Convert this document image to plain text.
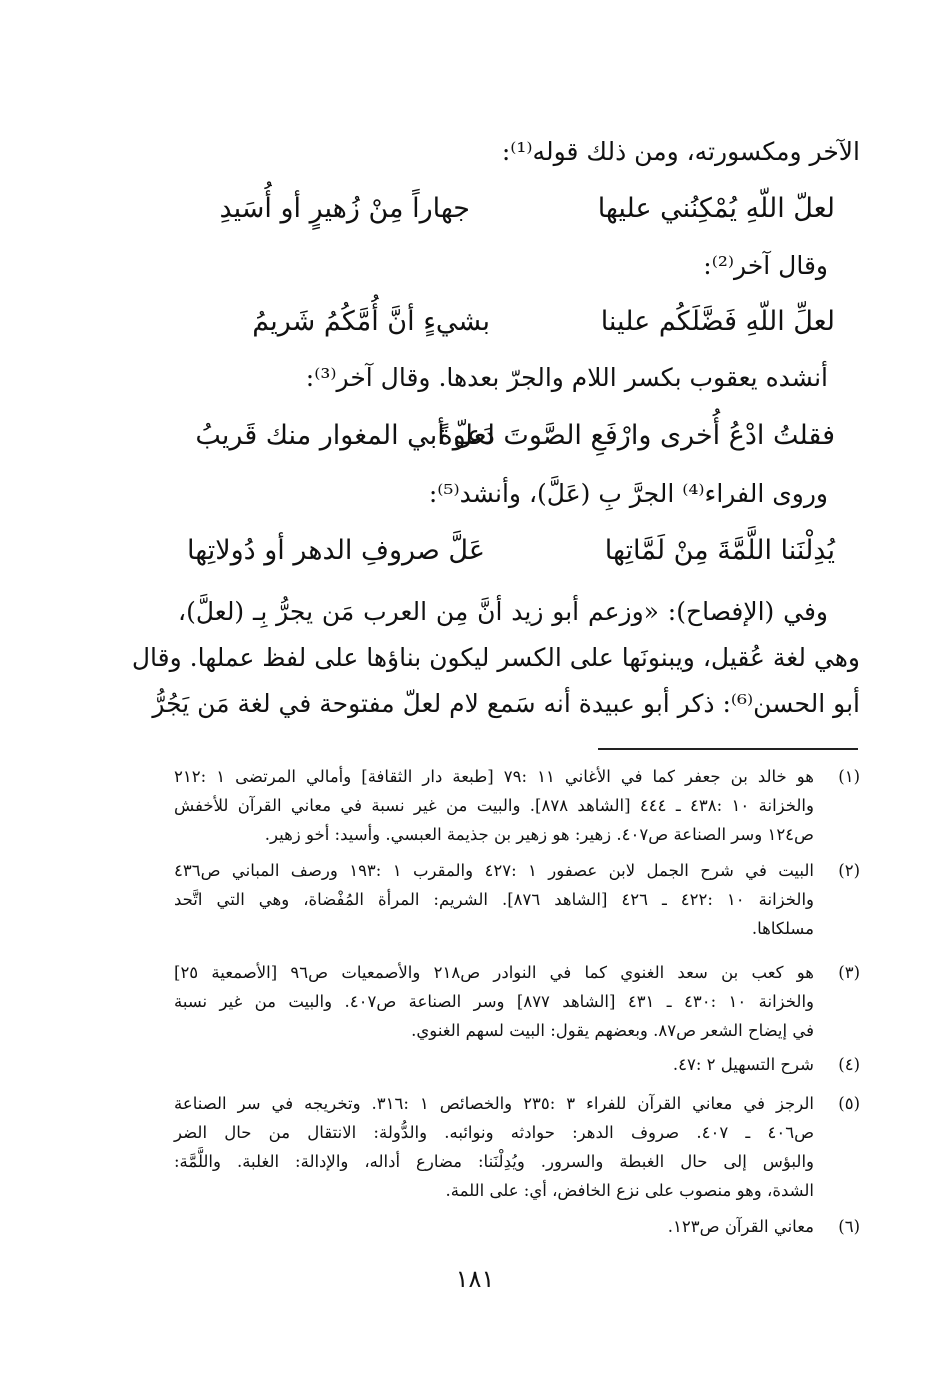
الآخر ومكسورته، ومن ذلك قوله⁽¹⁾:
لعلّ اللّهِ يُمْكِنُني عليها
جهاراً مِنْ زُهيرٍ أو أُسَيدِ
وقال آخر⁽²⁾:
لعلِّ اللّهِ فَضَّلَكُم علينا
بشيءٍ أنَّ أُمَّكُمُ شَريمُ
أنشده يعقوب بكسر اللام والجرّ بعدها. وقال آخر⁽³⁾:
فقلتُ ادْعُ أُخرى وارْفَعِ الصَّوتَ دَعوةً
لعلّ أبي المغوار منك قَريبُ
وروى الفراء⁽⁴⁾ الجرَّ بِ (عَلَّ)، وأنشد⁽⁵⁾:
يُدِلْنَنا اللَّمَّةَ مِنْ لَمَّاتِها
عَلَّ صروفِ الدهر أو دُولاتِها
وفي (الإفصاح): «وزعم أبو زيد أنَّ مِن العرب مَن يجرُّ بِـ (لعلَّ)،
وهي لغة عُقيل، ويبنونَها على الكسر ليكون بناؤها على لفظ عملها. وقال
أبو الحسن⁽⁶⁾: ذكر أبو عبيدة أنه سَمع لام لعلّ مفتوحة في لغة مَن يَجُرُّ
(١)
هو خالد بن جعفر كما في الأغاني ١١ :٧٩ [طبعة دار الثقافة] وأمالي المرتضى ١ :٢١٢
والخزانة ١٠ :٤٣٨ ـ ٤٤٤ [الشاهد ٨٧٨]. والبيت من غير نسبة في معاني القرآن للأخفش
ص١٢٤ وسر الصناعة ص٤٠٧. زهير: هو زهير بن جذيمة العبسي. وأسيد: أخو زهير.
(٢)
البيت في شرح الجمل لابن عصفور ١ :٤٢٧ والمقرب ١ :١٩٣ ورصف المباني ص٤٣٦
والخزانة ١٠ :٤٢٢ ـ ٤٢٦ [الشاهد ٨٧٦]. الشريم: المرأة المُفْضاة، وهي التي اتَّحد
مسلكاها.
(٣)
هو كعب بن سعد الغنوي كما في النوادر ص٢١٨ والأصمعيات ص٩٦ [الأصمعية ٢٥]
والخزانة ١٠ :٤٣٠ ـ ٤٣١ [الشاهد ٨٧٧] وسر الصناعة ص٤٠٧. والبيت من غير نسبة
في إيضاح الشعر ص٨٧. وبعضهم يقول: البيت لسهم الغنوي.
(٤)
شرح التسهيل ٢ :٤٧.
(٥)
الرجز في معاني القرآن للفراء ٣ :٢٣٥ والخصائص ١ :٣١٦. وتخريجه في سر الصناعة
ص٤٠٦ ـ ٤٠٧. صروف الدهر: حوادثه ونوائبه. والدُّولة: الانتقال من حال الضر
والبؤس إلى حال الغبطة والسرور. ويُدِلْنَنا: مضارع أداله، والإدالة: الغلبة. واللَّمَّة:
الشدة، وهو منصوب على نزع الخافض، أي: على اللمة.
(٦)
معاني القرآن ص١٢٣.
١٨١
